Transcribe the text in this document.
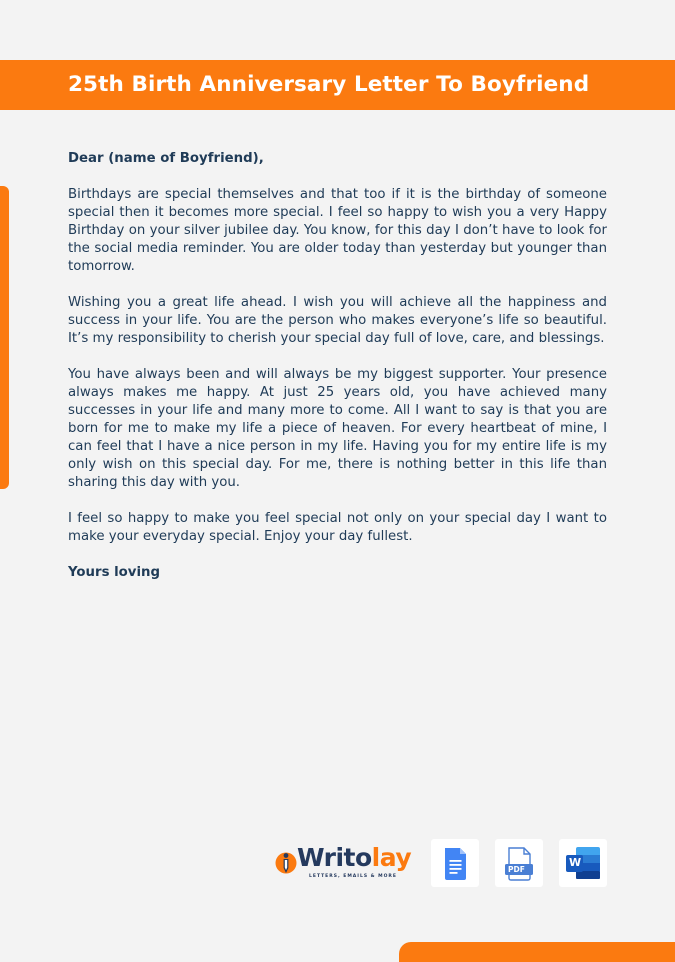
25th Birth Anniversary Letter To Boyfriend

Dear (name of Boyfriend),

Birthdays are special themselves and that too if it is the birthday of someone special then it becomes more special. I feel so happy to wish you a very Happy Birthday on your silver jubilee day. You know, for this day I don’t have to look for the social media reminder. You are older today than yesterday but younger than tomorrow.

Wishing you a great life ahead. I wish you will achieve all the happiness and success in your life. You are the person who makes everyone’s life so beautiful. It’s my responsibility to cherish your special day full of love, care, and blessings.

You have always been and will always be my biggest supporter. Your presence always makes me happy. At just 25 years old, you have achieved many successes in your life and many more to come. All I want to say is that you are born for me to make my life a piece of heaven. For every heartbeat of mine, I can feel that I have a nice person in my life. Having you for my entire life is my only wish on this special day. For me, there is nothing better in this life than sharing this day with you.

I feel so happy to make you feel special not only on your special day I want to make your everyday special. Enjoy your day fullest.

Yours loving

Writolay
LETTERS, EMAILS & MORE
PDF
W
